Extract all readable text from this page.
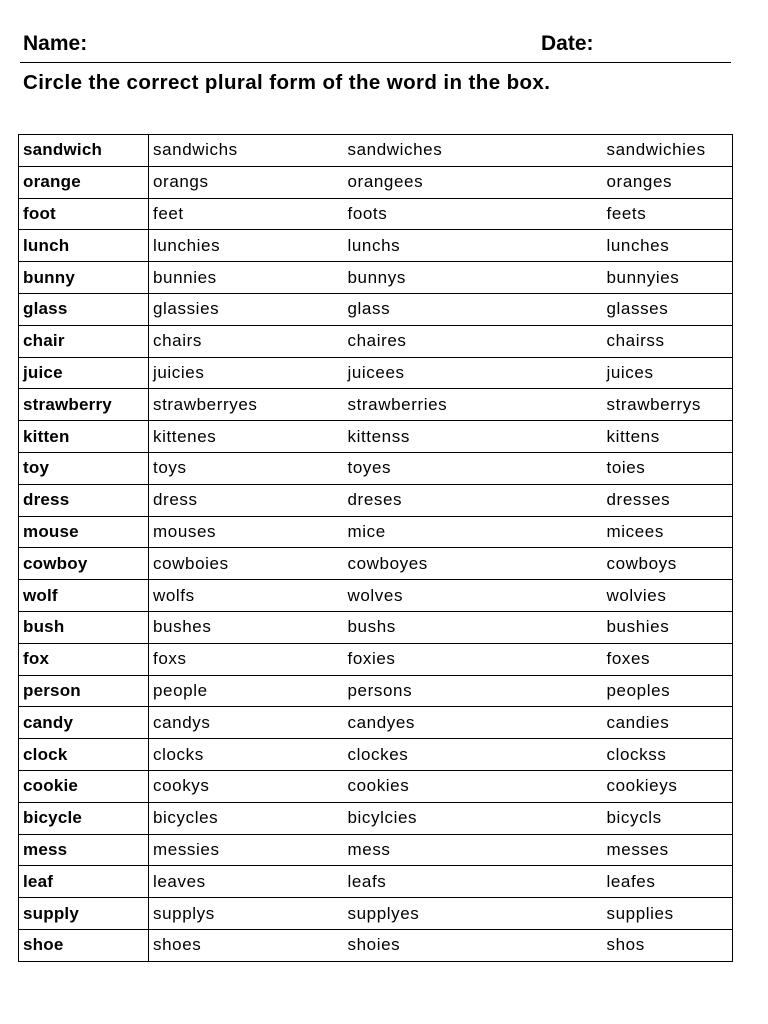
Name:	Date:
Circle the correct plural form of the word in the box.
sandwich	sandwichs	sandwiches	sandwichies
orange	orangs	orangees	oranges
foot	feet	foots	feets
lunch	lunchies	lunchs	lunches
bunny	bunnies	bunnys	bunnyies
glass	glassies	glass	glasses
chair	chairs	chaires	chairss
juice	juicies	juicees	juices
strawberry	strawberryes	strawberries	strawberrys
kitten	kittenes	kittenss	kittens
toy	toys	toyes	toies
dress	dress	dreses	dresses
mouse	mouses	mice	micees
cowboy	cowboies	cowboyes	cowboys
wolf	wolfs	wolves	wolvies
bush	bushes	bushs	bushies
fox	foxs	foxies	foxes
person	people	persons	peoples
candy	candys	candyes	candies
clock	clocks	clockes	clockss
cookie	cookys	cookies	cookieys
bicycle	bicycles	bicylcies	bicycls
mess	messies	mess	messes
leaf	leaves	leafs	leafes
supply	supplys	supplyes	supplies
shoe	shoes	shoies	shos
